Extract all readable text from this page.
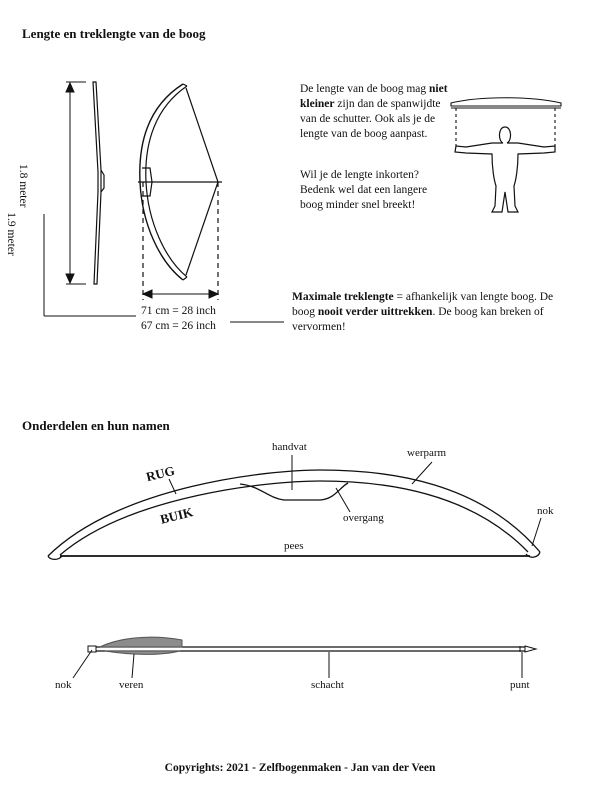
Lengte en treklengte van de boog
1.9 meter
1.8 meter
71 cm = 28 inch
67 cm = 26 inch
De lengte van de boog mag niet kleiner zijn dan de spanwijdte van de schutter. Ook als je de lengte van de boog aanpast.
Wil je de lengte inkorten? Bedenk wel dat een langere boog minder snel breekt!
Maximale treklengte = afhankelijk van lengte boog. De boog nooit verder uittrekken. De boog kan breken of vervormen!
Onderdelen en hun namen
handvat	werparm
RUG
BUIK	overgang
nok
pees
nok	veren	schacht	punt
Copyrights: 2021 - Zelfbogenmaken - Jan van der Veen
